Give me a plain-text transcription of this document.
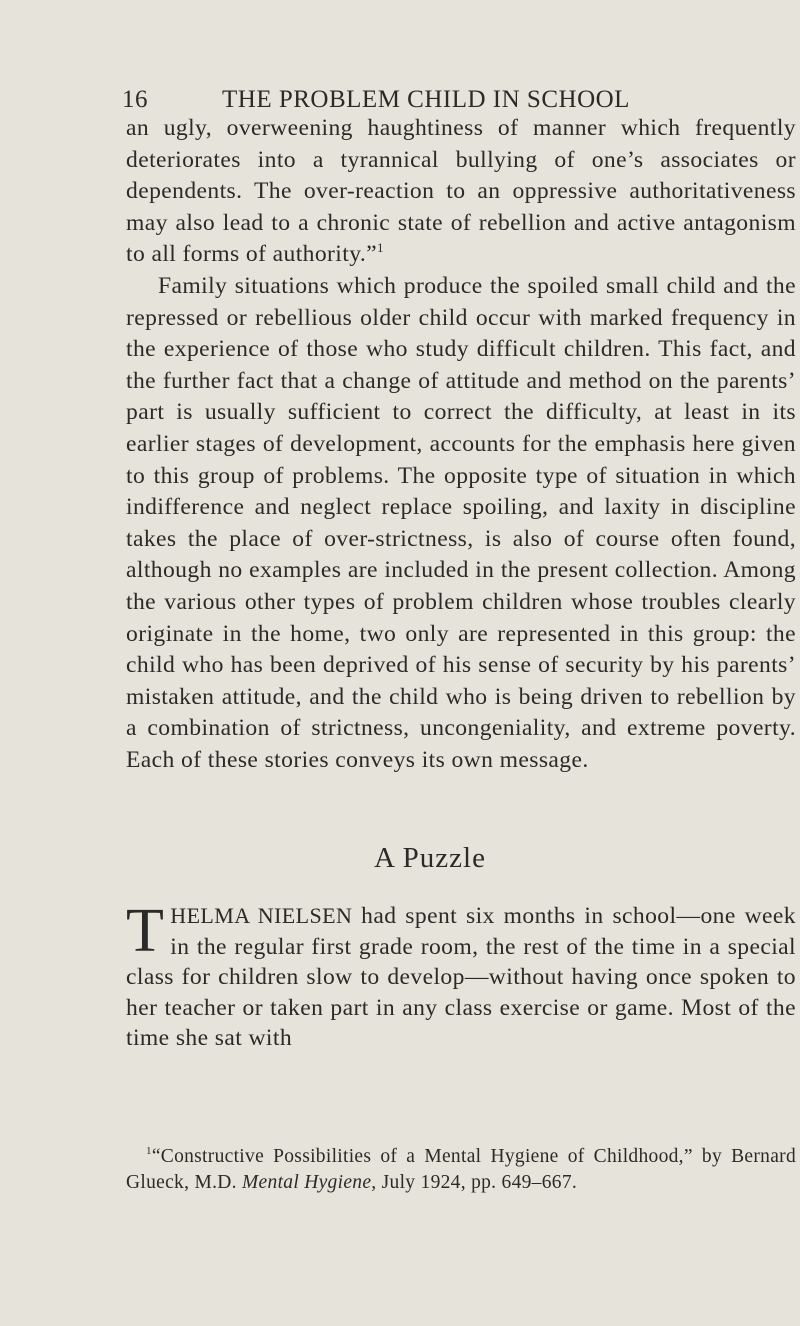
16	THE PROBLEM CHILD IN SCHOOL

an ugly, overweening haughtiness of manner which frequently deteriorates into a tyrannical bullying of one’s associates or dependents. The over-reaction to an oppressive authoritativeness may also lead to a chronic state of rebellion and active antagonism to all forms of authority.”$^1$

Family situations which produce the spoiled small child and the repressed or rebellious older child occur with marked frequency in the experience of those who study difficult children. This fact, and the further fact that a change of attitude and method on the parents’ part is usually sufficient to correct the difficulty, at least in its earlier stages of development, accounts for the emphasis here given to this group of problems. The opposite type of situation in which indifference and neglect replace spoiling, and laxity in discipline takes the place of over-strictness, is also of course often found, although no examples are included in the present collection. Among the various other types of problem children whose troubles clearly originate in the home, two only are represented in this group: the child who has been deprived of his sense of security by his parents’ mistaken attitude, and the child who is being driven to rebellion by a combination of strictness, uncongeniality, and extreme poverty. Each of these stories conveys its own message.

A Puzzle

THELMA NIELSEN had spent six months in school—one week in the regular first grade room, the rest of the time in a special class for children slow to develop—without having once spoken to her teacher or taken part in any class exercise or game. Most of the time she sat with

$^1$“Constructive Possibilities of a Mental Hygiene of Childhood,” by Bernard Glueck, M.D. Mental Hygiene, July 1924, pp. 649–667.
